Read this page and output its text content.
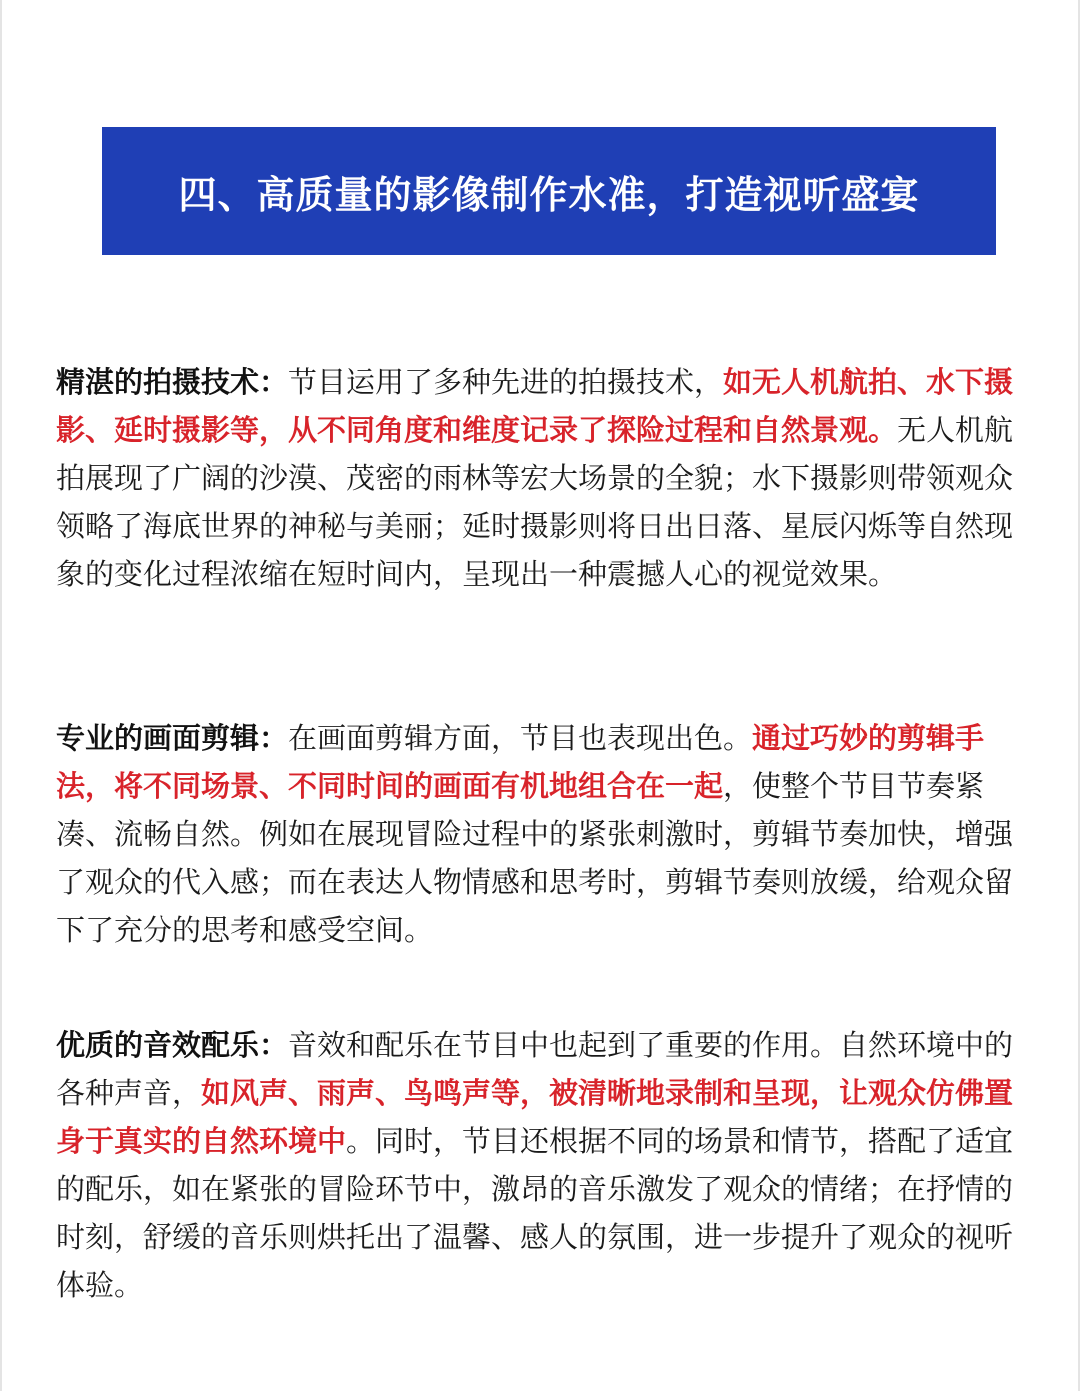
四、高质量的影像制作水准，打造视听盛宴

精湛的拍摄技术：节目运用了多种先进的拍摄技术，如无人机航拍、水下摄影、延时摄影等，从不同角度和维度记录了探险过程和自然景观。无人机航拍展现了广阔的沙漠、茂密的雨林等宏大场景的全貌；水下摄影则带领观众领略了海底世界的神秘与美丽；延时摄影则将日出日落、星辰闪烁等自然现象的变化过程浓缩在短时间内，呈现出一种震撼人心的视觉效果。

专业的画面剪辑：在画面剪辑方面，节目也表现出色。通过巧妙的剪辑手法，将不同场景、不同时间的画面有机地组合在一起，使整个节目节奏紧凑、流畅自然。例如在展现冒险过程中的紧张刺激时，剪辑节奏加快，增强了观众的代入感；而在表达人物情感和思考时，剪辑节奏则放缓，给观众留下了充分的思考和感受空间。

优质的音效配乐：音效和配乐在节目中也起到了重要的作用。自然环境中的各种声音，如风声、雨声、鸟鸣声等，被清晰地录制和呈现，让观众仿佛置身于真实的自然环境中。同时，节目还根据不同的场景和情节，搭配了适宜的配乐，如在紧张的冒险环节中，激昂的音乐激发了观众的情绪；在抒情的时刻，舒缓的音乐则烘托出了温馨、感人的氛围，进一步提升了观众的视听体验。
